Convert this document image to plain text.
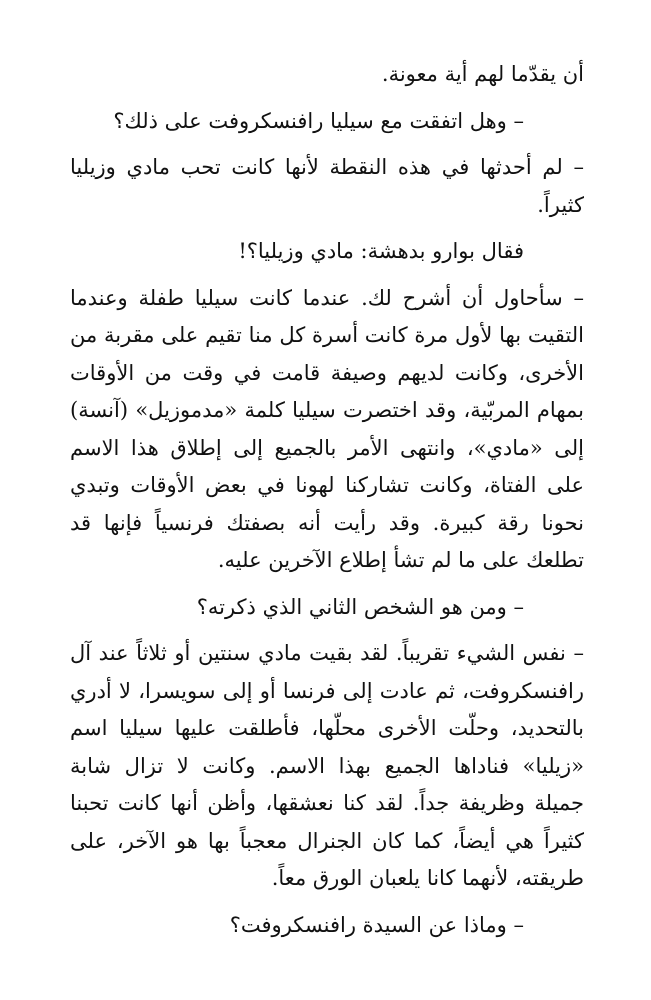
أن يقدّما لهم أية معونة.

– وهل اتفقت مع سيليا رافنسكروفت على ذلك؟

– لم أحدثها في هذه النقطة لأنها كانت تحب مادي وزيليا كثيراً.

فقال بوارو بدهشة: مادي وزيليا؟!

– سأحاول أن أشرح لك. عندما كانت سيليا طفلة وعندما التقيت بها لأول مرة كانت أسرة كل منا تقيم على مقربة من الأخرى، وكانت لديهم وصيفة قامت في وقت من الأوقات بمهام المربّية، وقد اختصرت سيليا كلمة «مدموزيل» (آنسة) إلى «مادي»، وانتهى الأمر بالجميع إلى إطلاق هذا الاسم على الفتاة، وكانت تشاركنا لهونا في بعض الأوقات وتبدي نحونا رقة كبيرة. وقد رأيت أنه بصفتك فرنسياً فإنها قد تطلعك على ما لم تشأ إطلاع الآخرين عليه.

– ومن هو الشخص الثاني الذي ذكرته؟

– نفس الشيء تقريباً. لقد بقيت مادي سنتين أو ثلاثاً عند آل رافنسكروفت، ثم عادت إلى فرنسا أو إلى سويسرا، لا أدري بالتحديد، وحلّت الأخرى محلّها، فأطلقت عليها سيليا اسم «زيليا» فناداها الجميع بهذا الاسم. وكانت لا تزال شابة جميلة وظريفة جداً. لقد كنا نعشقها، وأظن أنها كانت تحبنا كثيراً هي أيضاً، كما كان الجنرال معجباً بها هو الآخر، على طريقته، لأنهما كانا يلعبان الورق معاً.

– وماذا عن السيدة رافنسكروفت؟
